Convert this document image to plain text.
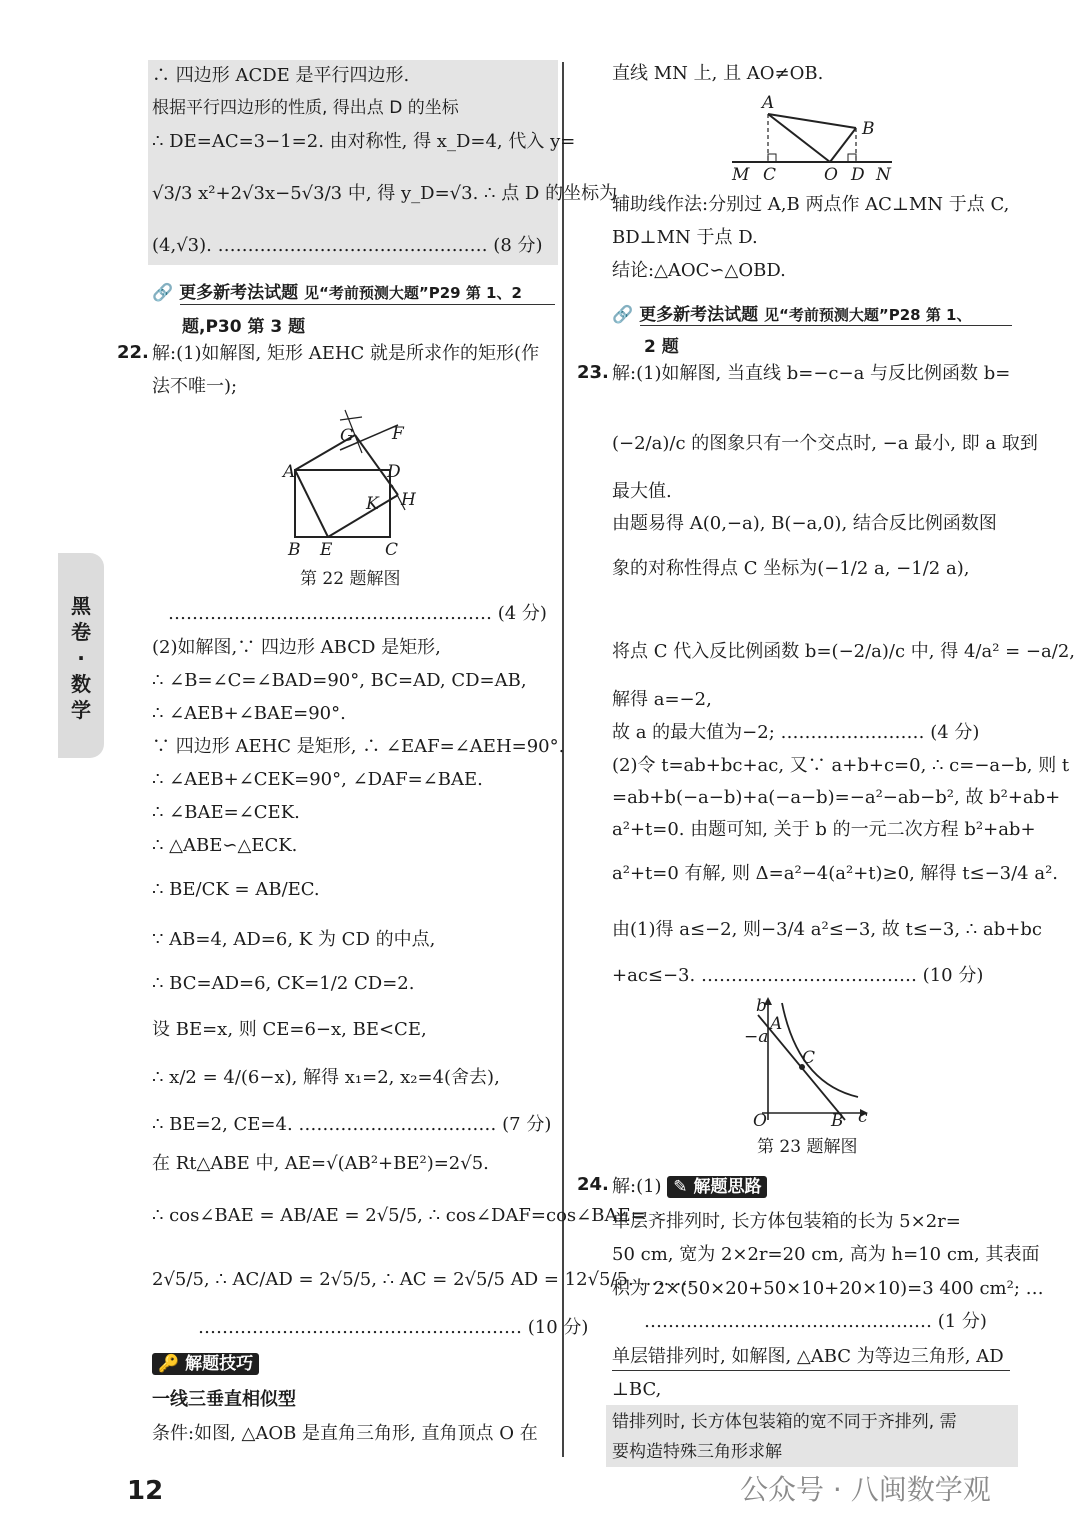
黑卷·数学
∴ 四边形 ACDE 是平行四边形.
根据平行四边形的性质, 得出点 D 的坐标
∴ DE=AC=3−1=2. 由对称性, 得 x_D=4, 代入 y=
√3/3 x²+2√3x−5√3/3 中, 得 y_D=√3. ∴ 点 D 的坐标为
(4,√3). ……………………………………… (8 分)
🔗 更多新考法试题 见“考前预测大题”P29 第 1、2
题,P30 第 3 题
22. 解:(1)如解图, 矩形 AEHC 就是所求作的矩形(作
法不唯一);
A	D
B E	C
G F
K H
第 22 题解图
……………………………………………… (4 分)
(2)如解图,∵ 四边形 ABCD 是矩形,
∴ ∠B=∠C=∠BAD=90°, BC=AD, CD=AB,
∴ ∠AEB+∠BAE=90°.
∵ 四边形 AEHC 是矩形, ∴ ∠EAF=∠AEH=90°.
∴ ∠AEB+∠CEK=90°, ∠DAF=∠BAE.
∴ ∠BAE=∠CEK.
∴ △ABE∽△ECK.
∴ BE/CK = AB/EC.
∵ AB=4, AD=6, K 为 CD 的中点,
∴ BC=AD=6, CK=1/2 CD=2.
设 BE=x, 则 CE=6−x, BE<CE,
∴ x/2 = 4/(6−x), 解得 x₁=2, x₂=4(舍去),
∴ BE=2, CE=4. …………………………… (7 分)
在 Rt△ABE 中, AE=√(AB²+BE²)=2√5.
∴ cos∠BAE = AB/AE = 2√5/5, ∴ cos∠DAF=cos∠BAE=
2√5/5, ∴ AC/AD = 2√5/5, ∴ AC = 2√5/5 AD = 12√5/5. ………
……………………………………………… (10 分)
🔑 解题技巧
一线三垂直相似型
条件:如图, △AOB 是直角三角形, 直角顶点 O 在
直线 MN 上, 且 AO≠OB.
A
B
M C	O D N
辅助线作法:分别过 A,B 两点作 AC⊥MN 于点 C,
BD⊥MN 于点 D.
结论:△AOC∽△OBD.
🔗 更多新考法试题 见“考前预测大题”P28 第 1、
2 题
23. 解:(1)如解图, 当直线 b=−c−a 与反比例函数 b=
(−2/a)/c 的图象只有一个交点时, −a 最小, 即 a 取到
最大值.
由题易得 A(0,−a), B(−a,0), 结合反比例函数图
象的对称性得点 C 坐标为(−1/2 a, −1/2 a),
将点 C 代入反比例函数 b=(−2/a)/c 中, 得 4/a² = −a/2,
解得 a=−2,
故 a 的最大值为−2; …………………… (4 分)
(2)令 t=ab+bc+ac, 又∵ a+b+c=0, ∴ c=−a−b, 则 t
=ab+b(−a−b)+a(−a−b)=−a²−ab−b², 故 b²+ab+
a²+t=0. 由题可知, 关于 b 的一元二次方程 b²+ab+
a²+t=0 有解, 则 Δ=a²−4(a²+t)≥0, 解得 t≤−3/4 a².
由(1)得 a≤−2, 则−3/4 a²≤−3, 故 t≤−3, ∴ ab+bc
+ac≤−3. ……………………………… (10 分)
b
A
−a
C
O	B c
第 23 题解图
24. 解:(1) ✎ 解题思路
单层齐排列时, 长方体包装箱的长为 5×2r=
50 cm, 宽为 2×2r=20 cm, 高为 h=10 cm, 其表面
积为 2×(50×20+50×10+20×10)=3 400 cm²; …
………………………………………… (1 分)
单层错排列时, 如解图, △ABC 为等边三角形, AD
⊥BC,
错排列时, 长方体包装箱的宽不同于齐排列, 需
要构造特殊三角形求解
12	公众号 · 八闽数学观
